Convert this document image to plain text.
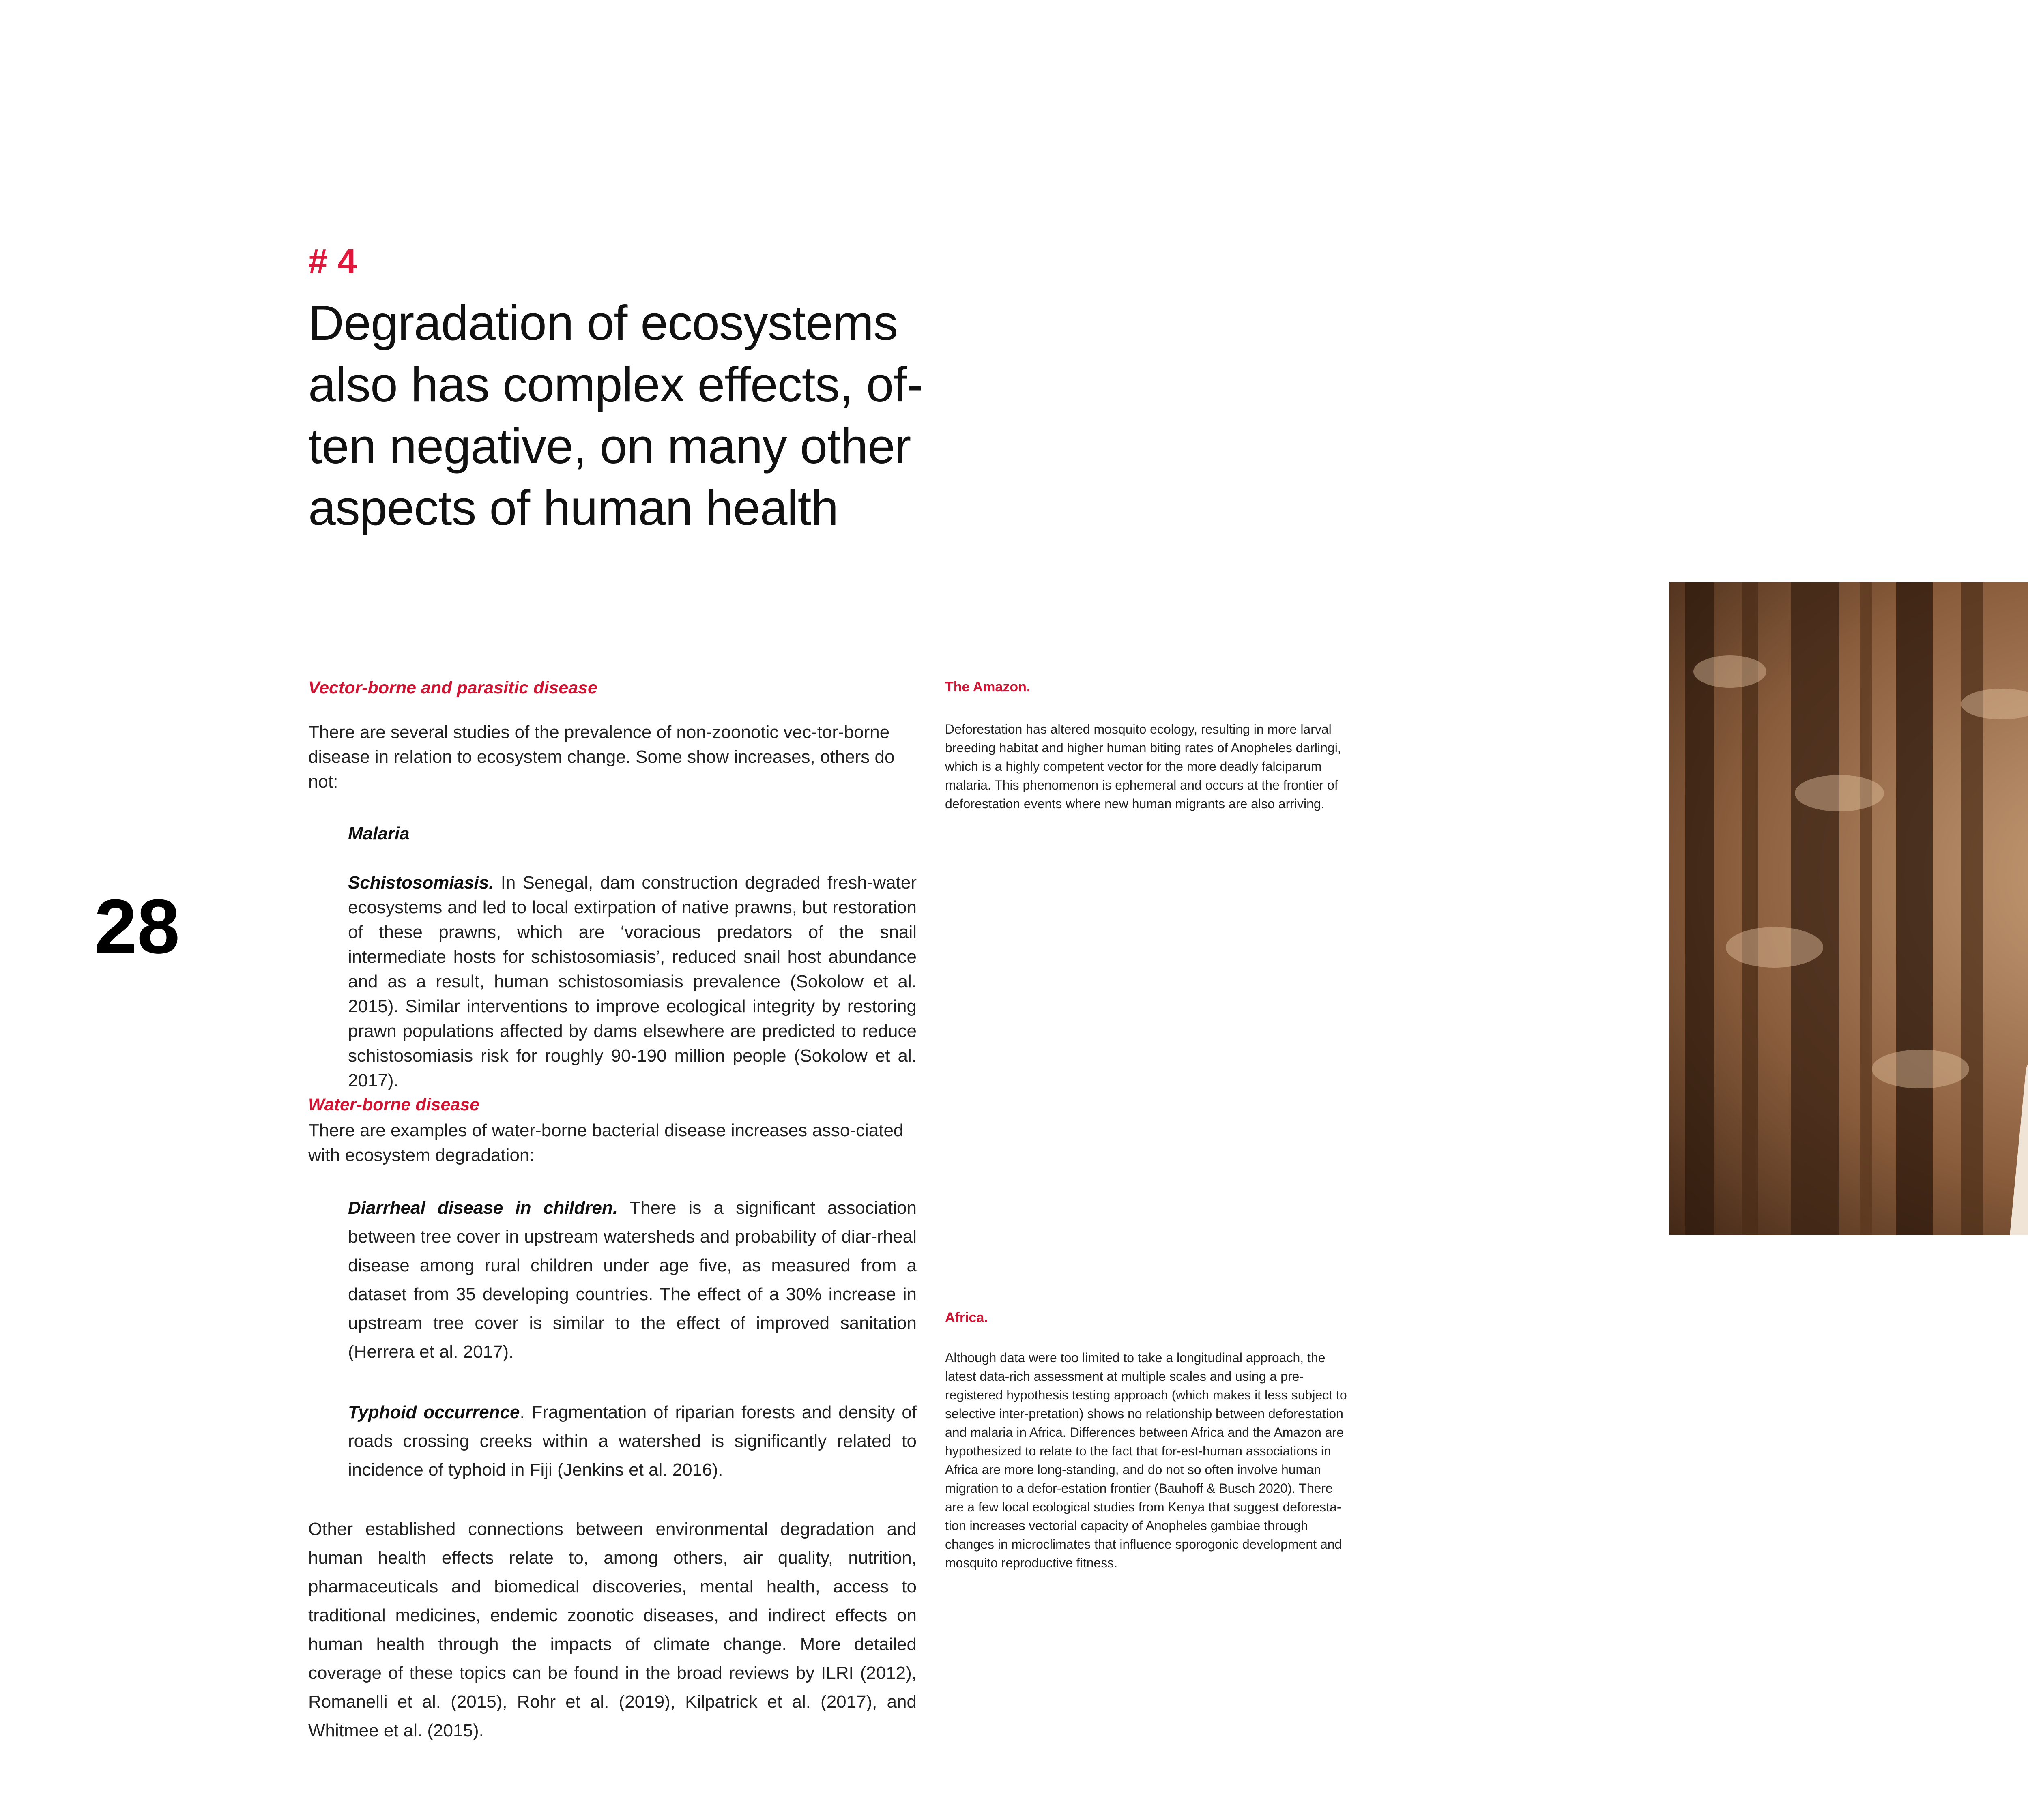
28
# 4
Degradation of ecosystems also has complex effects, of-ten negative, on many other aspects of human health
Vector-borne and parasitic disease
There are several studies of the prevalence of non-zoonotic vec-tor-borne disease in relation to ecosystem change. Some show increases, others do not:
Malaria
Schistosomiasis. In Senegal, dam construction degraded fresh-water ecosystems and led to local extirpation of native prawns, but restoration of these prawns, which are ‘voracious predators of the snail intermediate hosts for schistosomiasis’, reduced snail host abundance and as a result, human schistosomiasis prevalence (Sokolow et al. 2015). Similar interventions to improve ecological integrity by restoring prawn populations affected by dams elsewhere are predicted to reduce schistosomiasis risk for roughly 90-190 million people (Sokolow et al. 2017).
Water-borne disease
There are examples of water-borne bacterial disease increases asso-ciated with ecosystem degradation:
Diarrheal disease in children. There is a significant association between tree cover in upstream watersheds and probability of diar-rheal disease among rural children under age five, as measured from a dataset from 35 developing countries. The effect of a 30% increase in upstream tree cover is similar to the effect of improved sanitation (Herrera et al. 2017).
Typhoid occurrence. Fragmentation of riparian forests and density of roads crossing creeks within a watershed is significantly related to incidence of typhoid in Fiji (Jenkins et al. 2016).
Other established connections between environmental degradation and human health effects relate to, among others, air quality, nutrition, pharmaceuticals and biomedical discoveries, mental health, access to traditional medicines, endemic zoonotic diseases, and indirect effects on human health through the impacts of climate change. More detailed coverage of these topics can be found in the broad reviews by ILRI (2012), Romanelli et al. (2015), Rohr et al. (2019), Kilpatrick et al. (2017), and Whitmee et al. (2015).
The Amazon.
Deforestation has altered mosquito ecology, resulting in more larval breeding habitat and higher human biting rates of Anopheles darlingi, which is a highly competent vector for the more deadly falciparum malaria. This phenomenon is ephemeral and occurs at the frontier of deforestation events where new human migrants are also arriving.
Africa.
Although data were too limited to take a longitudinal approach, the latest data-rich assessment at multiple scales and using a pre-registered hypothesis testing approach (which makes it less subject to selective inter-pretation) shows no relationship between deforestation and malaria in Africa. Differences between Africa and the Amazon are hypothesized to relate to the fact that for-est-human associations in Africa are more long-standing, and do not so often involve human migration to a defor-estation frontier (Bauhoff & Busch 2020). There are a few local ecological studies from Kenya that suggest deforesta-tion increases vectorial capacity of Anopheles gambiae through changes in microclimates that influence sporogonic development and mosquito reproductive fitness.
